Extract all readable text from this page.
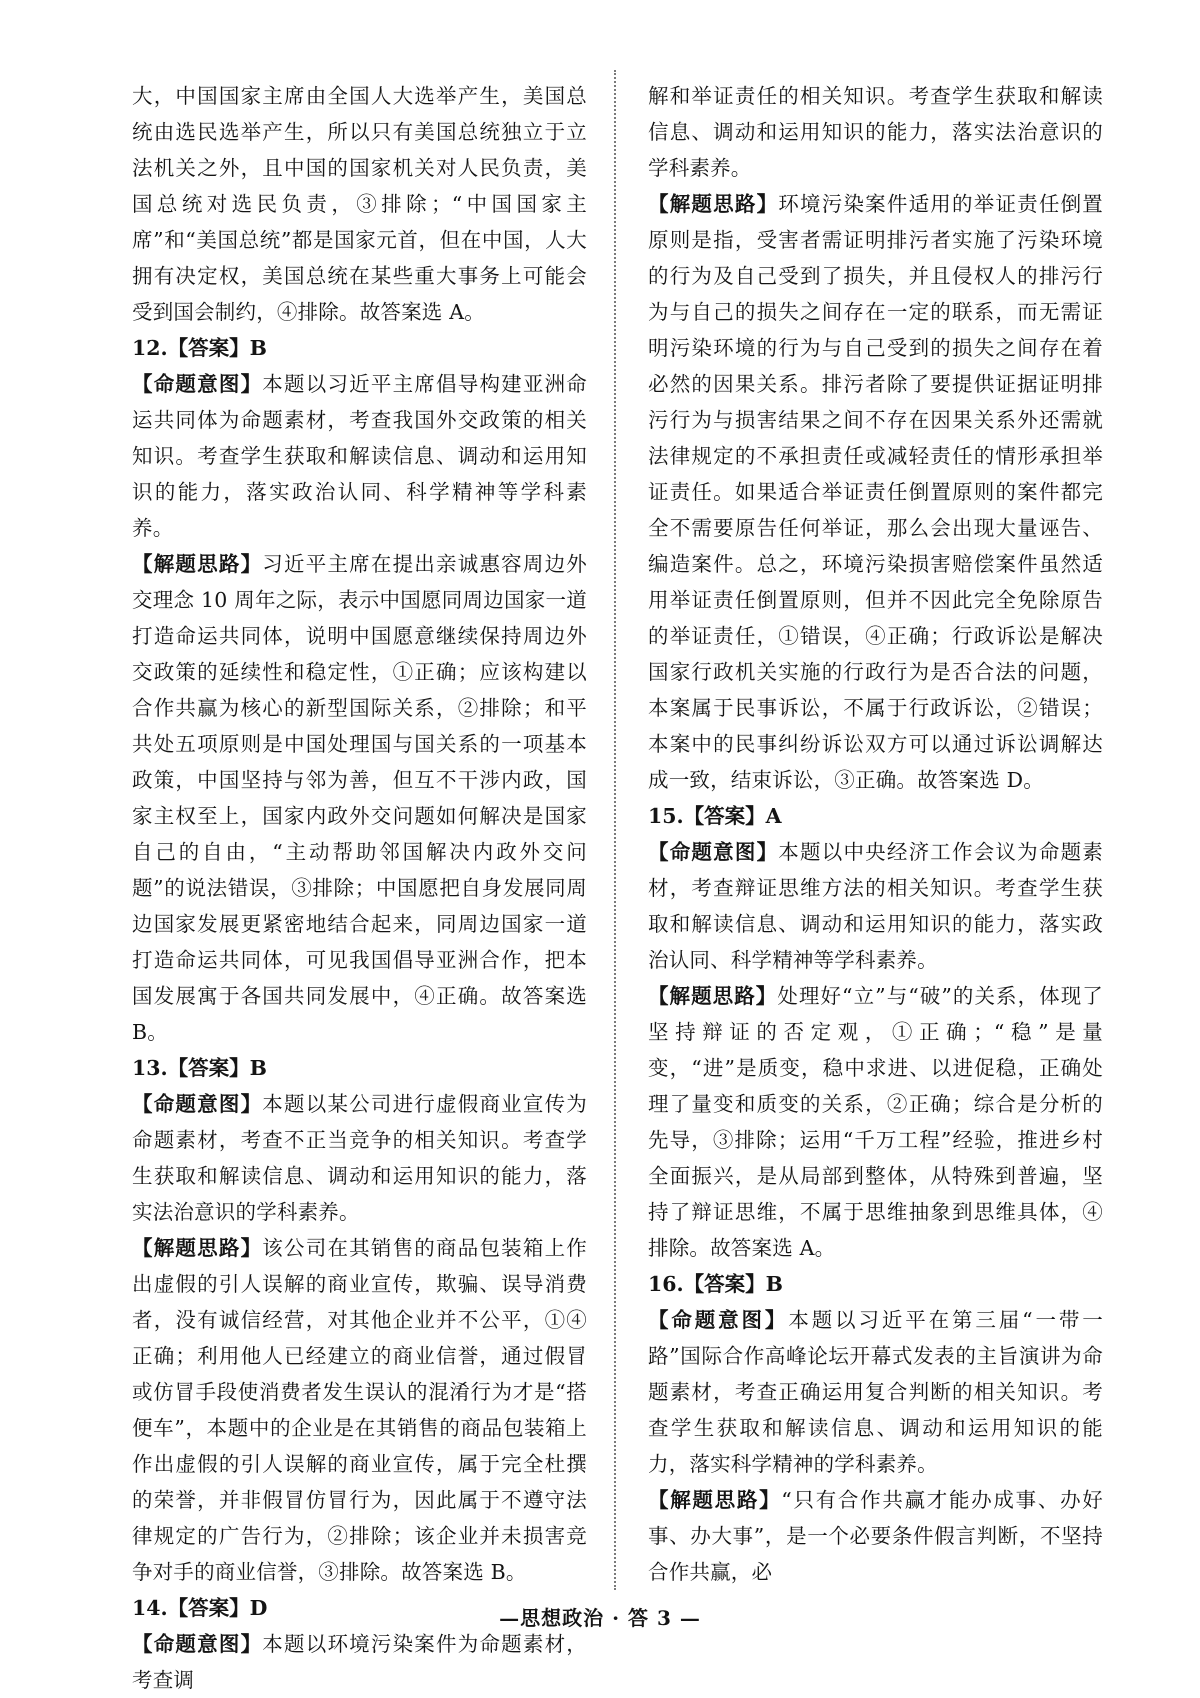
大，中国国家主席由全国人大选举产生，美国总统由选民选举产生，所以只有美国总统独立于立法机关之外，且中国的国家机关对人民负责，美国总统对选民负责，③排除；“中国国家主席”和“美国总统”都是国家元首，但在中国，人大拥有决定权，美国总统在某些重大事务上可能会受到国会制约，④排除。故答案选 A。

12.【答案】B

【命题意图】本题以习近平主席倡导构建亚洲命运共同体为命题素材，考查我国外交政策的相关知识。考查学生获取和解读信息、调动和运用知识的能力，落实政治认同、科学精神等学科素养。

【解题思路】习近平主席在提出亲诚惠容周边外交理念 10 周年之际，表示中国愿同周边国家一道打造命运共同体，说明中国愿意继续保持周边外交政策的延续性和稳定性，①正确；应该构建以合作共赢为核心的新型国际关系，②排除；和平共处五项原则是中国处理国与国关系的一项基本政策，中国坚持与邻为善，但互不干涉内政，国家主权至上，国家内政外交问题如何解决是国家自己的自由，“主动帮助邻国解决内政外交问题”的说法错误，③排除；中国愿把自身发展同周边国家发展更紧密地结合起来，同周边国家一道打造命运共同体，可见我国倡导亚洲合作，把本国发展寓于各国共同发展中，④正确。故答案选 B。

13.【答案】B

【命题意图】本题以某公司进行虚假商业宣传为命题素材，考查不正当竞争的相关知识。考查学生获取和解读信息、调动和运用知识的能力，落实法治意识的学科素养。

【解题思路】该公司在其销售的商品包装箱上作出虚假的引人误解的商业宣传，欺骗、误导消费者，没有诚信经营，对其他企业并不公平，①④正确；利用他人已经建立的商业信誉，通过假冒或仿冒手段使消费者发生误认的混淆行为才是“搭便车”，本题中的企业是在其销售的商品包装箱上作出虚假的引人误解的商业宣传，属于完全杜撰的荣誉，并非假冒仿冒行为，因此属于不遵守法律规定的广告行为，②排除；该企业并未损害竞争对手的商业信誉，③排除。故答案选 B。

14.【答案】D

【命题意图】本题以环境污染案件为命题素材，考查调

解和举证责任的相关知识。考查学生获取和解读信息、调动和运用知识的能力，落实法治意识的学科素养。

【解题思路】环境污染案件适用的举证责任倒置原则是指，受害者需证明排污者实施了污染环境的行为及自己受到了损失，并且侵权人的排污行为与自己的损失之间存在一定的联系，而无需证明污染环境的行为与自己受到的损失之间存在着必然的因果关系。排污者除了要提供证据证明排污行为与损害结果之间不存在因果关系外还需就法律规定的不承担责任或减轻责任的情形承担举证责任。如果适合举证责任倒置原则的案件都完全不需要原告任何举证，那么会出现大量诬告、编造案件。总之，环境污染损害赔偿案件虽然适用举证责任倒置原则，但并不因此完全免除原告的举证责任，①错误，④正确；行政诉讼是解决国家行政机关实施的行政行为是否合法的问题，本案属于民事诉讼，不属于行政诉讼，②错误；本案中的民事纠纷诉讼双方可以通过诉讼调解达成一致，结束诉讼，③正确。故答案选 D。

15.【答案】A

【命题意图】本题以中央经济工作会议为命题素材，考查辩证思维方法的相关知识。考查学生获取和解读信息、调动和运用知识的能力，落实政治认同、科学精神等学科素养。

【解题思路】处理好“立”与“破”的关系，体现了坚持辩证的否定观，①正确；“稳”是量变，“进”是质变，稳中求进、以进促稳，正确处理了量变和质变的关系，②正确；综合是分析的先导，③排除；运用“千万工程”经验，推进乡村全面振兴，是从局部到整体，从特殊到普遍，坚持了辩证思维，不属于思维抽象到思维具体，④排除。故答案选 A。

16.【答案】B

【命题意图】本题以习近平在第三届“一带一路”国际合作高峰论坛开幕式发表的主旨演讲为命题素材，考查正确运用复合判断的相关知识。考查学生获取和解读信息、调动和运用知识的能力，落实科学精神的学科素养。

【解题思路】“只有合作共赢才能办成事、办好事、办大事”，是一个必要条件假言判断，不坚持合作共赢，必

—思想政治 · 答 3 —
